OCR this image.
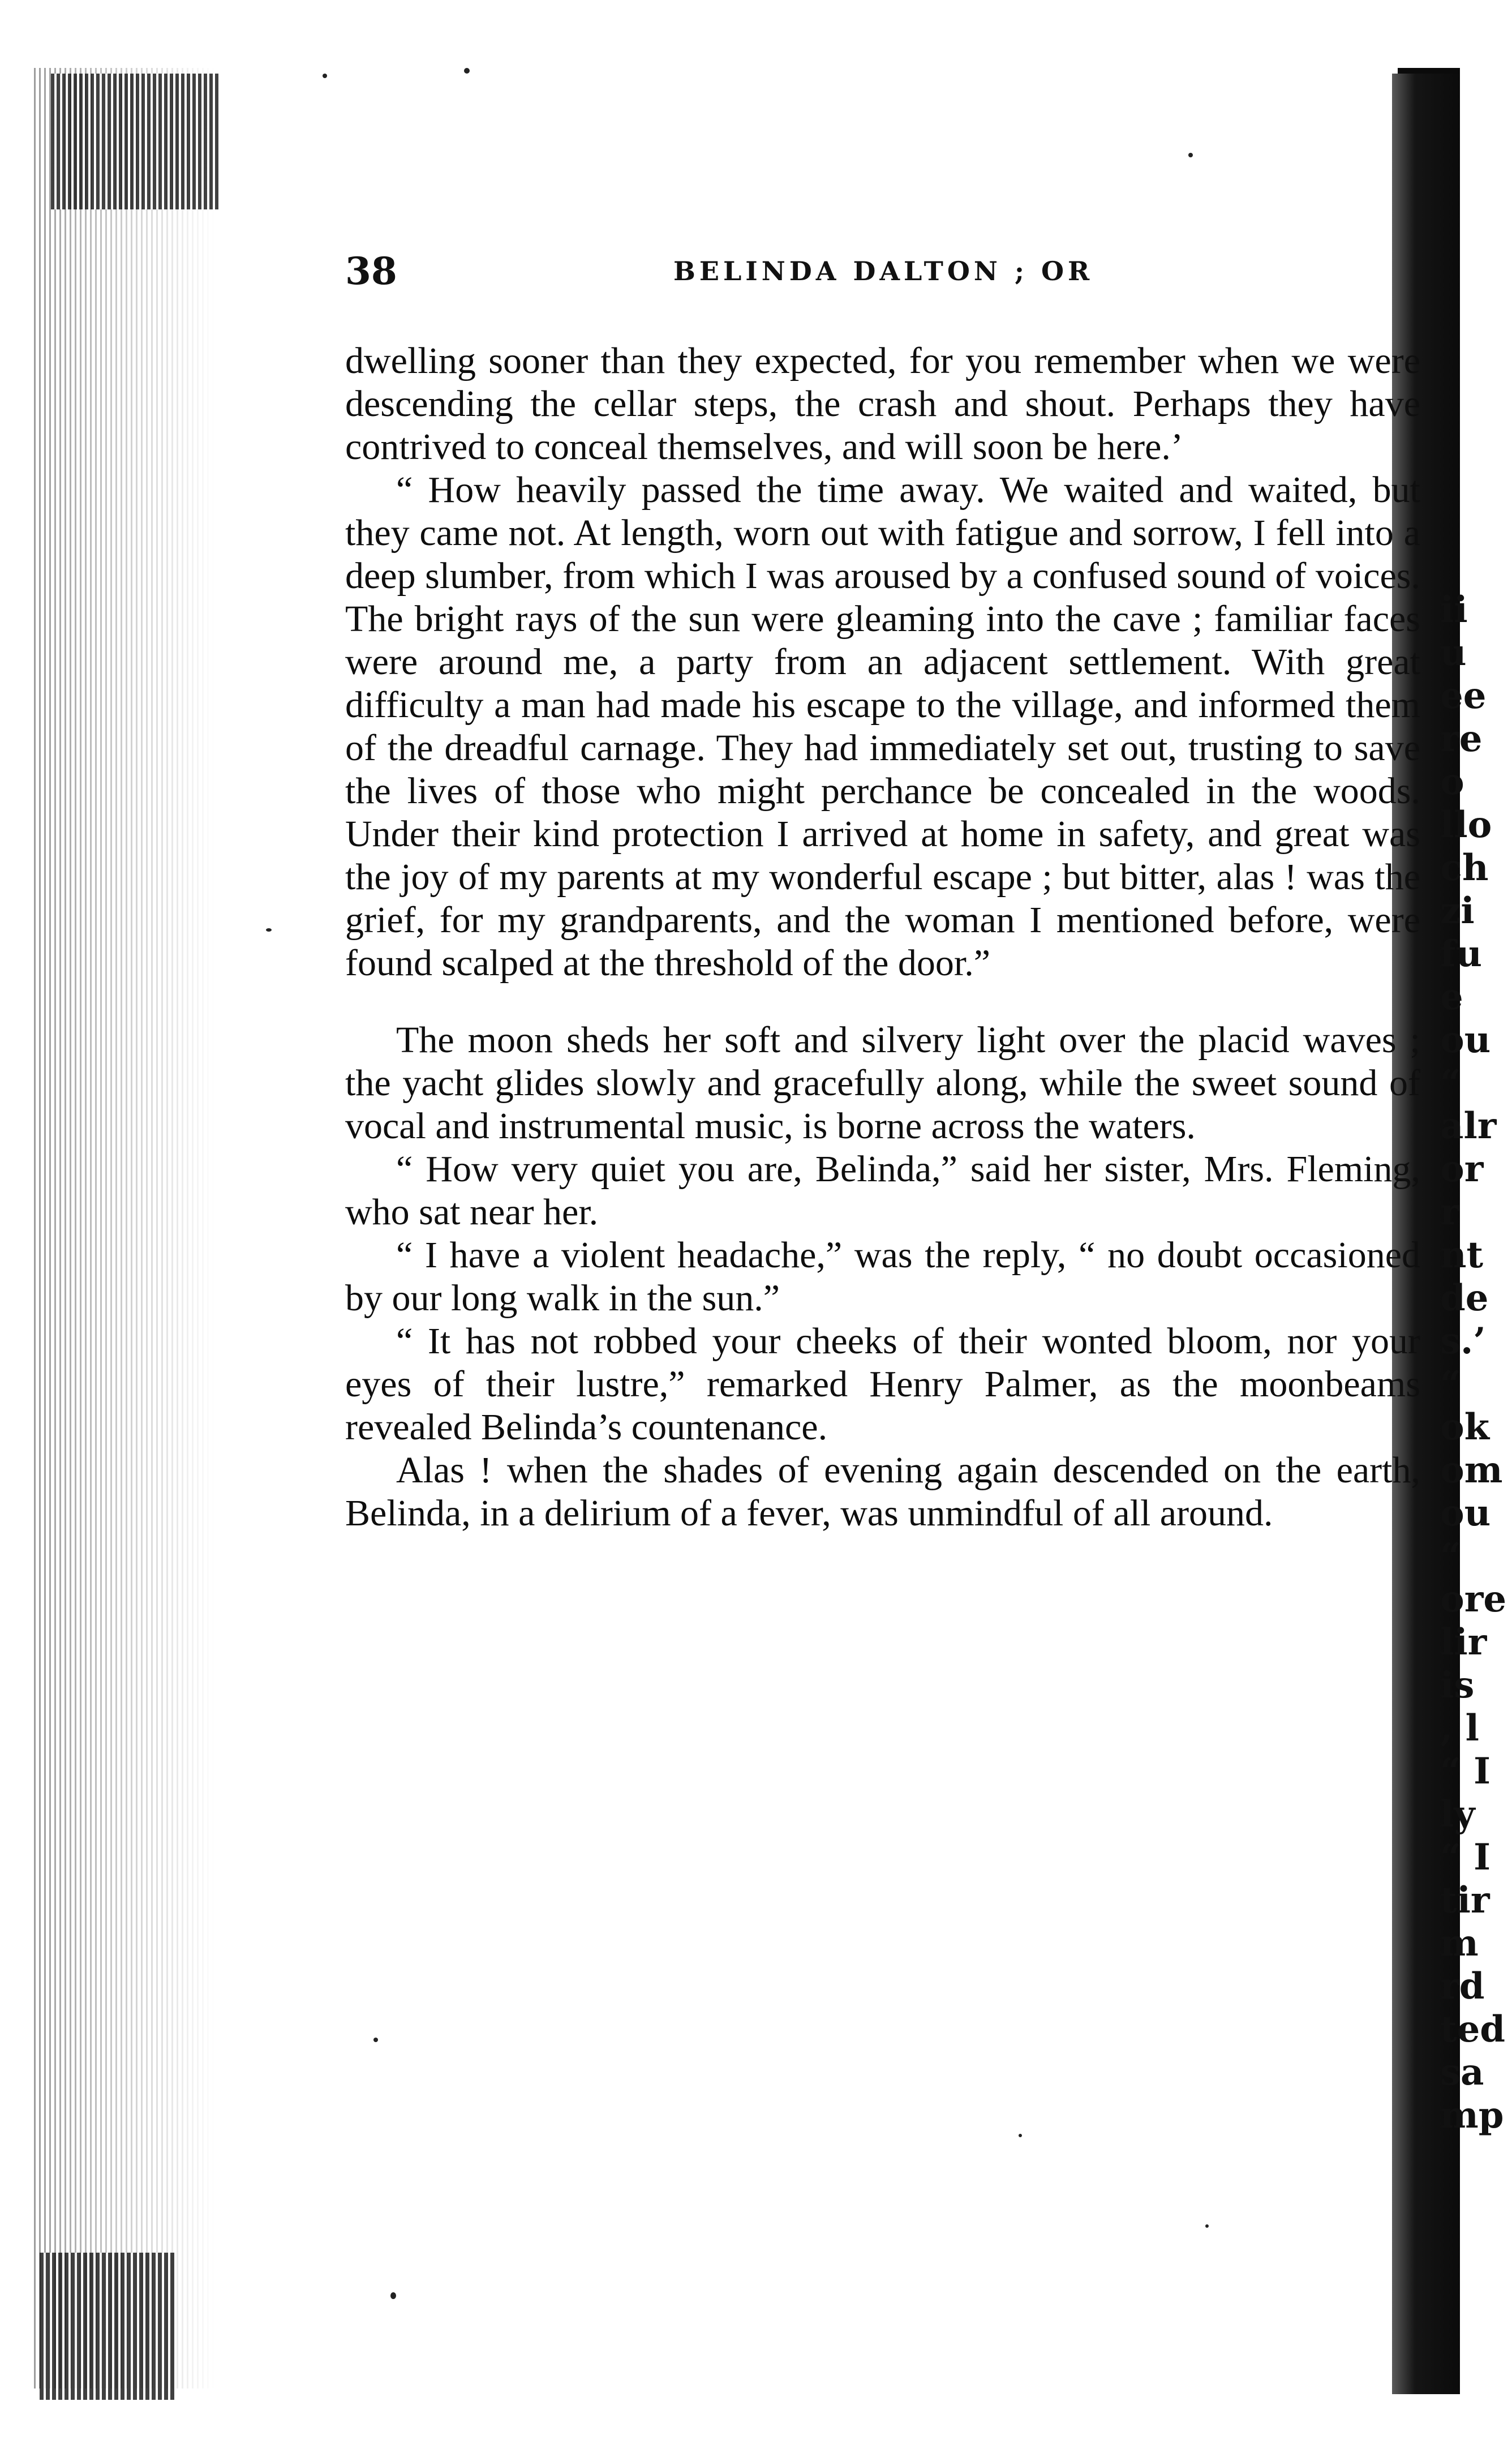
38	BELINDA DALTON ; OR

dwelling sooner than they expected, for you remember when we were descending the cellar steps, the crash and shout. Perhaps they have contrived to conceal themselves, and will soon be here.’

“ How heavily passed the time away. We waited and waited, but they came not. At length, worn out with fatigue and sorrow, I fell into a deep slumber, from which I was aroused by a confused sound of voices. The bright rays of the sun were gleaming into the cave ; familiar faces were around me, a party from an adjacent settlement. With great difficulty a man had made his escape to the village, and informed them of the dreadful carnage. They had immediately set out, trusting to save the lives of those who might perchance be concealed in the woods. Under their kind protection I arrived at home in safety, and great was the joy of my parents at my wonderful escape ; but bitter, alas ! was the grief, for my grandparents, and the woman I mentioned before, were found scalped at the threshold of the door.”

The moon sheds her soft and silvery light over the placid waves ; the yacht glides slowly and gracefully along, while the sweet sound of vocal and instrumental music, is borne across the waters.

“ How very quiet you are, Belinda,” said her sister, Mrs. Fleming, who sat near her.

“ I have a violent headache,” was the reply, “ no doubt occasioned by our long walk in the sun.”

“ It has not robbed your cheeks of their wonted bloom, nor your eyes of their lustre,” remarked Henry Palmer, as the moonbeams revealed Belinda’s countenance.

Alas ! when the shades of evening again descended on the earth, Belinda, in a delirium of a fever, was unmindful of all around.

ii
u
ee
re
o
llo
ch
zi
fu
e
ou
“
alr
or
r
nt
de
s.’
“
ok
om
ou
“
ore
lir
is
, l
“ I
ly
“ I
tir
m
rd
ted
sa
mp
